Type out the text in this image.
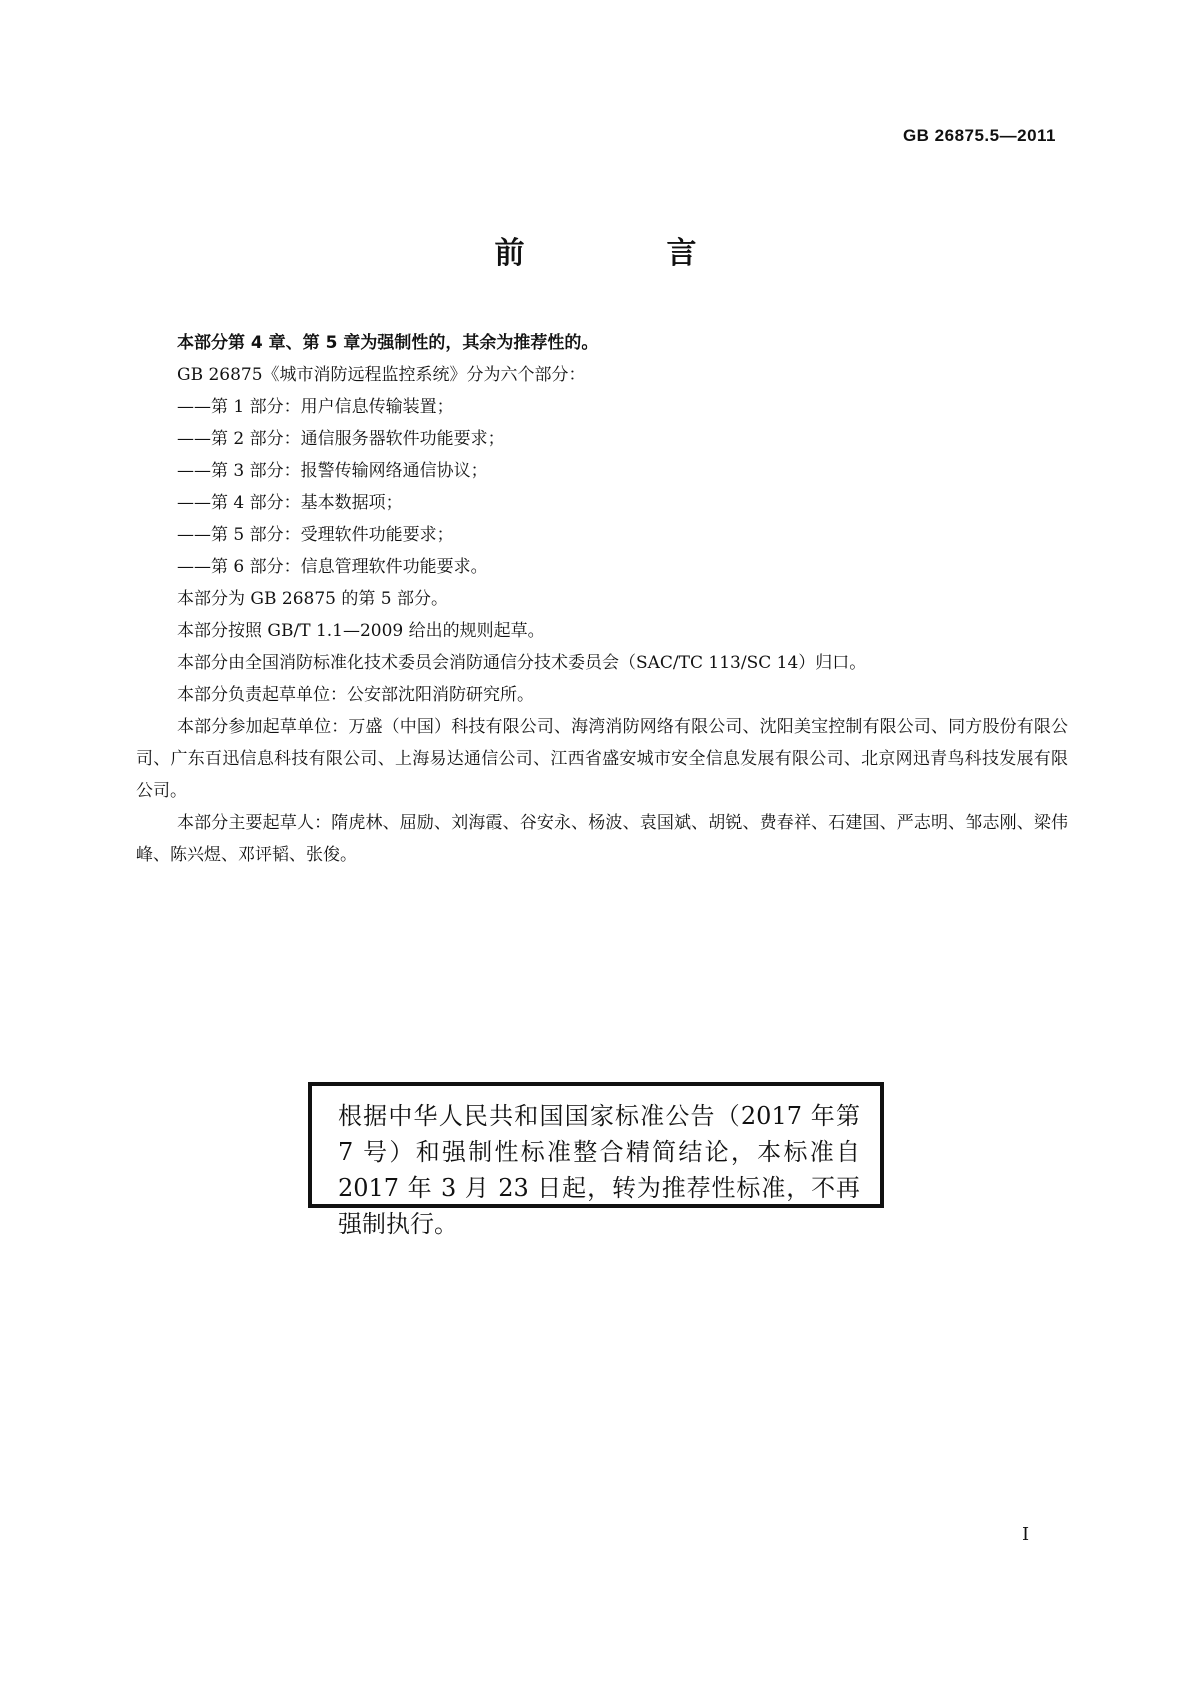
GB 26875.5—2011
前　言

本部分第 4 章、第 5 章为强制性的，其余为推荐性的。

GB 26875《城市消防远程监控系统》分为六个部分：

——第 1 部分：用户信息传输装置；

——第 2 部分：通信服务器软件功能要求；

——第 3 部分：报警传输网络通信协议；

——第 4 部分：基本数据项；

——第 5 部分：受理软件功能要求；

——第 6 部分：信息管理软件功能要求。

本部分为 GB 26875 的第 5 部分。

本部分按照 GB/T 1.1—2009 给出的规则起草。

本部分由全国消防标准化技术委员会消防通信分技术委员会（SAC/TC 113/SC 14）归口。

本部分负责起草单位：公安部沈阳消防研究所。

本部分参加起草单位：万盛（中国）科技有限公司、海湾消防网络有限公司、沈阳美宝控制有限公司、同方股份有限公司、广东百迅信息科技有限公司、上海易达通信公司、江西省盛安城市安全信息发展有限公司、北京网迅青鸟科技发展有限公司。

本部分主要起草人：隋虎林、屈励、刘海霞、谷安永、杨波、袁国斌、胡锐、费春祥、石建国、严志明、邹志刚、梁伟峰、陈兴煜、邓评韬、张俊。

根据中华人民共和国国家标准公告（2017 年第 7 号）和强制性标准整合精简结论，本标准自 2017 年 3 月 23 日起，转为推荐性标准，不再强制执行。
I
